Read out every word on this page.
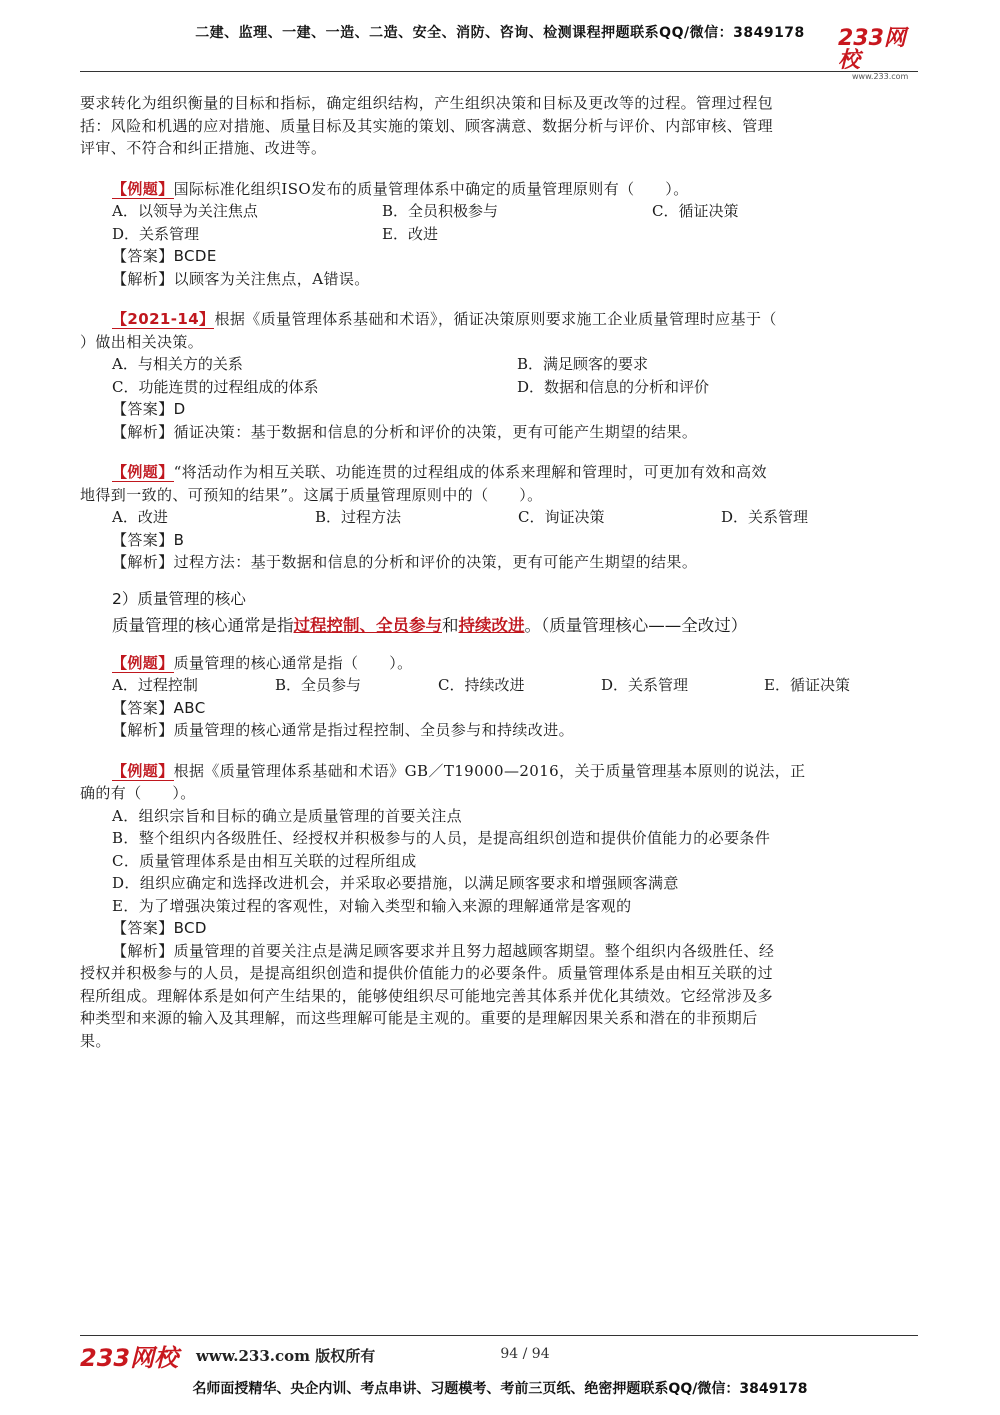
二建、监理、一建、一造、二造、安全、消防、咨询、检测课程押题联系QQ/微信：3849178	233网校
www.233.com

要求转化为组织衡量的目标和指标，确定组织结构，产生组织决策和目标及更改等的过程。管理过程包

括：风险和机遇的应对措施、质量目标及其实施的策划、顾客满意、数据分析与评价、内部审核、管理

评审、不符合和纠正措施、改进等。

【例题】国际标准化组织ISO发布的质量管理体系中确定的质量管理原则有（　　）。

A．以领导为关注焦点	B．全员积极参与	C．循证决策
D．关系管理	E．改进

【答案】BCDE

【解析】以顾客为关注焦点，A错误。

【2021-14】根据《质量管理体系基础和术语》，循证决策原则要求施工企业质量管理时应基于（

）做出相关决策。

A．与相关方的关系	B．满足顾客的要求
C．功能连贯的过程组成的体系	D．数据和信息的分析和评价

【答案】D

【解析】循证决策：基于数据和信息的分析和评价的决策，更有可能产生期望的结果。

【例题】“将活动作为相互关联、功能连贯的过程组成的体系来理解和管理时，可更加有效和高效

地得到一致的、可预知的结果”。这属于质量管理原则中的（　　）。

A．改进	B．过程方法	C．询证决策	D．关系管理

【答案】B

【解析】过程方法：基于数据和信息的分析和评价的决策，更有可能产生期望的结果。

2）质量管理的核心
质量管理的核心通常是指过程控制、全员参与和持续改进。（质量管理核心——全改过）

【例题】质量管理的核心通常是指（　　）。

A．过程控制	B．全员参与	C．持续改进	D．关系管理	E．循证决策

【答案】ABC

【解析】质量管理的核心通常是指过程控制、全员参与和持续改进。

【例题】根据《质量管理体系基础和术语》GB／T19000—2016，关于质量管理基本原则的说法，正

确的有（　　）。

A．组织宗旨和目标的确立是质量管理的首要关注点

B．整个组织内各级胜任、经授权并积极参与的人员，是提高组织创造和提供价值能力的必要条件

C．质量管理体系是由相互关联的过程所组成

D．组织应确定和选择改进机会，并采取必要措施，以满足顾客要求和增强顾客满意

E．为了增强决策过程的客观性，对输入类型和输入来源的理解通常是客观的

【答案】BCD

【解析】质量管理的首要关注点是满足顾客要求并且努力超越顾客期望。整个组织内各级胜任、经

授权并积极参与的人员，是提高组织创造和提供价值能力的必要条件。质量管理体系是由相互关联的过

程所组成。理解体系是如何产生结果的，能够使组织尽可能地完善其体系并优化其绩效。它经常涉及多

种类型和来源的输入及其理解，而这些理解可能是主观的。重要的是理解因果关系和潜在的非预期后

果。

233网校 www.233.com 版权所有	94 / 94
名师面授精华、央企内训、考点串讲、习题模考、考前三页纸、绝密押题联系QQ/微信：3849178
